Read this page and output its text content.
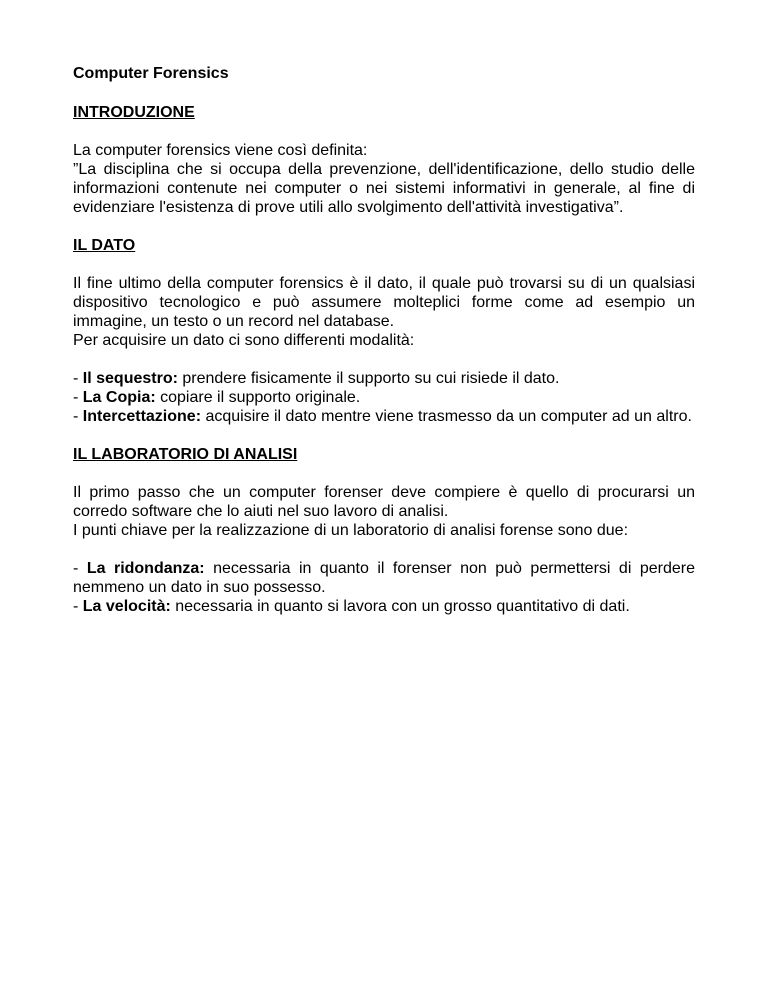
Computer Forensics
INTRODUZIONE

La computer forensics viene così definita:

”La disciplina che si occupa della prevenzione, dell'identificazione, dello studio delle informazioni contenute nei computer o nei sistemi informativi in generale, al fine di evidenziare l'esistenza di prove utili allo svolgimento dell'attività investigativa”.

IL DATO

Il fine ultimo della computer forensics è il dato, il quale può trovarsi su di un qualsiasi dispositivo tecnologico e può assumere molteplici forme come ad esempio un immagine, un testo o un record nel database.

Per acquisire un dato ci sono differenti modalità:

- Il sequestro: prendere fisicamente il supporto su cui risiede il dato.

- La Copia: copiare il supporto originale.

- Intercettazione: acquisire il dato mentre viene trasmesso da un computer ad un altro.

IL LABORATORIO DI ANALISI

Il primo passo che un computer forenser deve compiere è quello di procurarsi un corredo software che lo aiuti nel suo lavoro di analisi.

I punti chiave per la realizzazione di un laboratorio di analisi forense sono due:

- La ridondanza: necessaria in quanto il forenser non può permettersi di perdere nemmeno un dato in suo possesso.

- La velocità: necessaria in quanto si lavora con un grosso quantitativo di dati.
